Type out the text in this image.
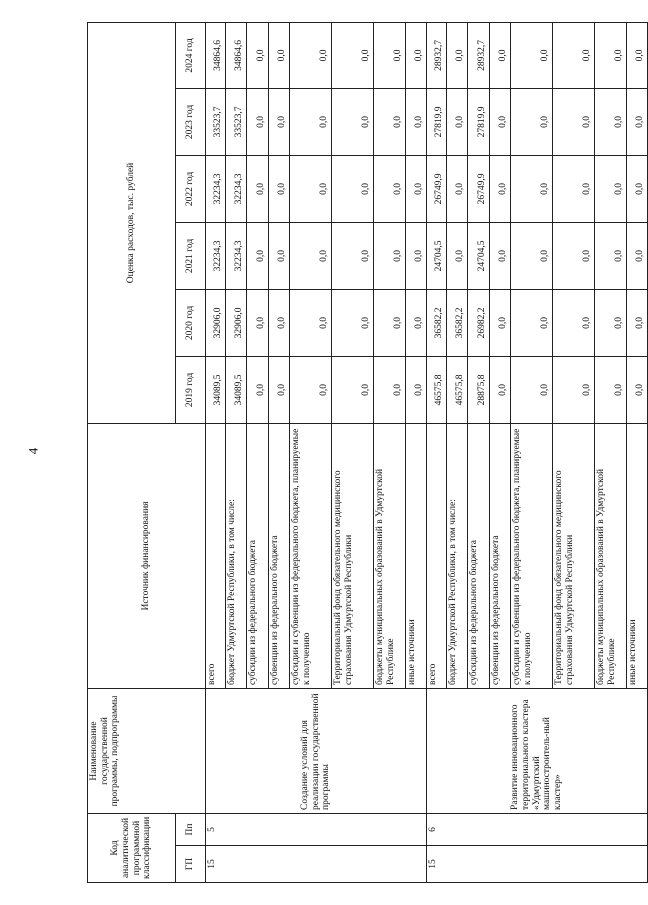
4
Код аналитической программной классификации		Наименование государственной программы, подпрограммы	Источник финансирования	Оценка расходов, тыс. рублей					
ГП	Пп			2019 год	2020 год	2021 год	2022 год	2023 год	2024 год
15	5	Создание условий для реализации государственной программы	всего	34089,5	32906,0	32234,3	32234,3	33523,7	34864,6
			бюджет Удмуртской Республики, в том числе:	34089,5	32906,0	32234,3	32234,3	33523,7	34864,6
			субсидии из федерального бюджета	0,0	0,0	0,0	0,0	0,0	0,0
			субвенции из федерального бюджета	0,0	0,0	0,0	0,0	0,0	0,0
			субсидии и субвенции из федерального бюджета, планируемые к получению	0,0	0,0	0,0	0,0	0,0	0,0
			Территориальный фонд обязательного медицинского страхования Удмуртской Республики	0,0	0,0	0,0	0,0	0,0	0,0
			бюджеты муниципальных образований в Удмуртской Республике	0,0	0,0	0,0	0,0	0,0	0,0
			иные источники	0,0	0,0	0,0	0,0	0,0	0,0
15	6	Развитие инновационного территориального кластера «Удмуртский машиностроитель-ный кластер»	всего	46575,8	36582,2	24704,5	26749,9	27819,9	28932,7
			бюджет Удмуртской Республики, в том числе:	46575,8	36582,2	0,0	0,0	0,0	0,0
			субсидии из федерального бюджета	28875,8	26982,2	24704,5	26749,9	27819,9	28932,7
			субвенции из федерального бюджета	0,0	0,0	0,0	0,0	0,0	0,0
			субсидии и субвенции из федерального бюджета, планируемые к получению	0,0	0,0	0,0	0,0	0,0	0,0
			Территориальный фонд обязательного медицинского страхования Удмуртской Республики	0,0	0,0	0,0	0,0	0,0	0,0
			бюджеты муниципальных образований в Удмуртской Республике	0,0	0,0	0,0	0,0	0,0	0,0
			иные источники	0,0	0,0	0,0	0,0	0,0	0,0
